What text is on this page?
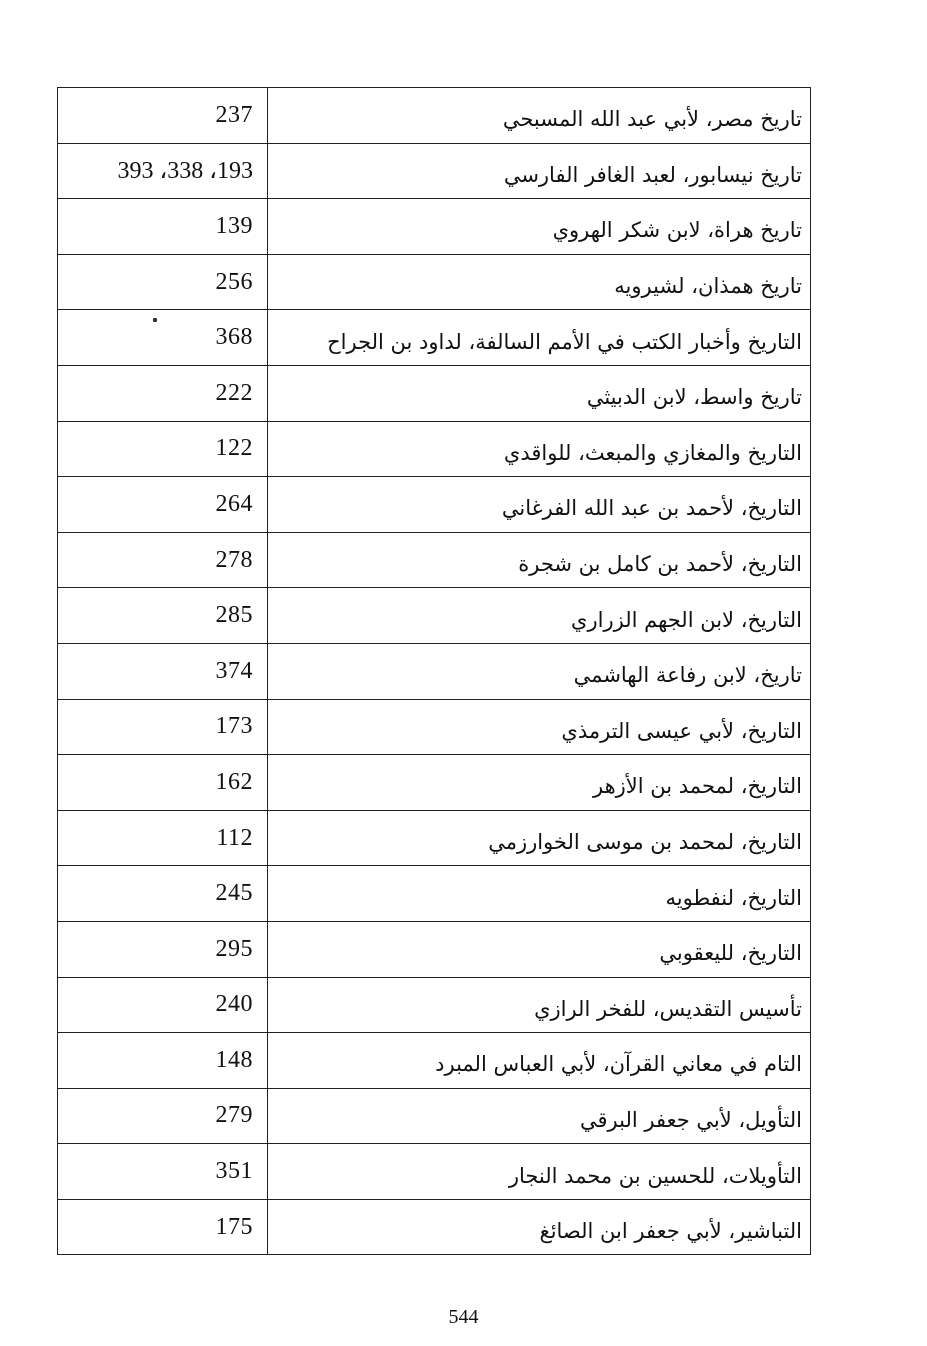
237	تاريخ مصر، لأبي عبد الله المسبحي
193، 338، 393	تاريخ نيسابور، لعبد الغافر الفارسي
139	تاريخ هراة، لابن شكر الهروي
256	تاريخ همذان، لشيرويه
368	التاريخ وأخبار الكتب في الأمم السالفة، لداود بن الجراح
222	تاريخ واسط، لابن الدبيثي
122	التاريخ والمغازي والمبعث، للواقدي
264	التاريخ، لأحمد بن عبد الله الفرغاني
278	التاريخ، لأحمد بن كامل بن شجرة
285	التاريخ، لابن الجهم الزراري
374	تاريخ، لابن رفاعة الهاشمي
173	التاريخ، لأبي عيسى الترمذي
162	التاريخ، لمحمد بن الأزهر
112	التاريخ، لمحمد بن موسى الخوارزمي
245	التاريخ، لنفطويه
295	التاريخ، لليعقوبي
240	تأسيس التقديس، للفخر الرازي
148	التام في معاني القرآن، لأبي العباس المبرد
279	التأويل، لأبي جعفر البرقي
351	التأويلات، للحسين بن محمد النجار
175	التباشير، لأبي جعفر ابن الصائغ
544
